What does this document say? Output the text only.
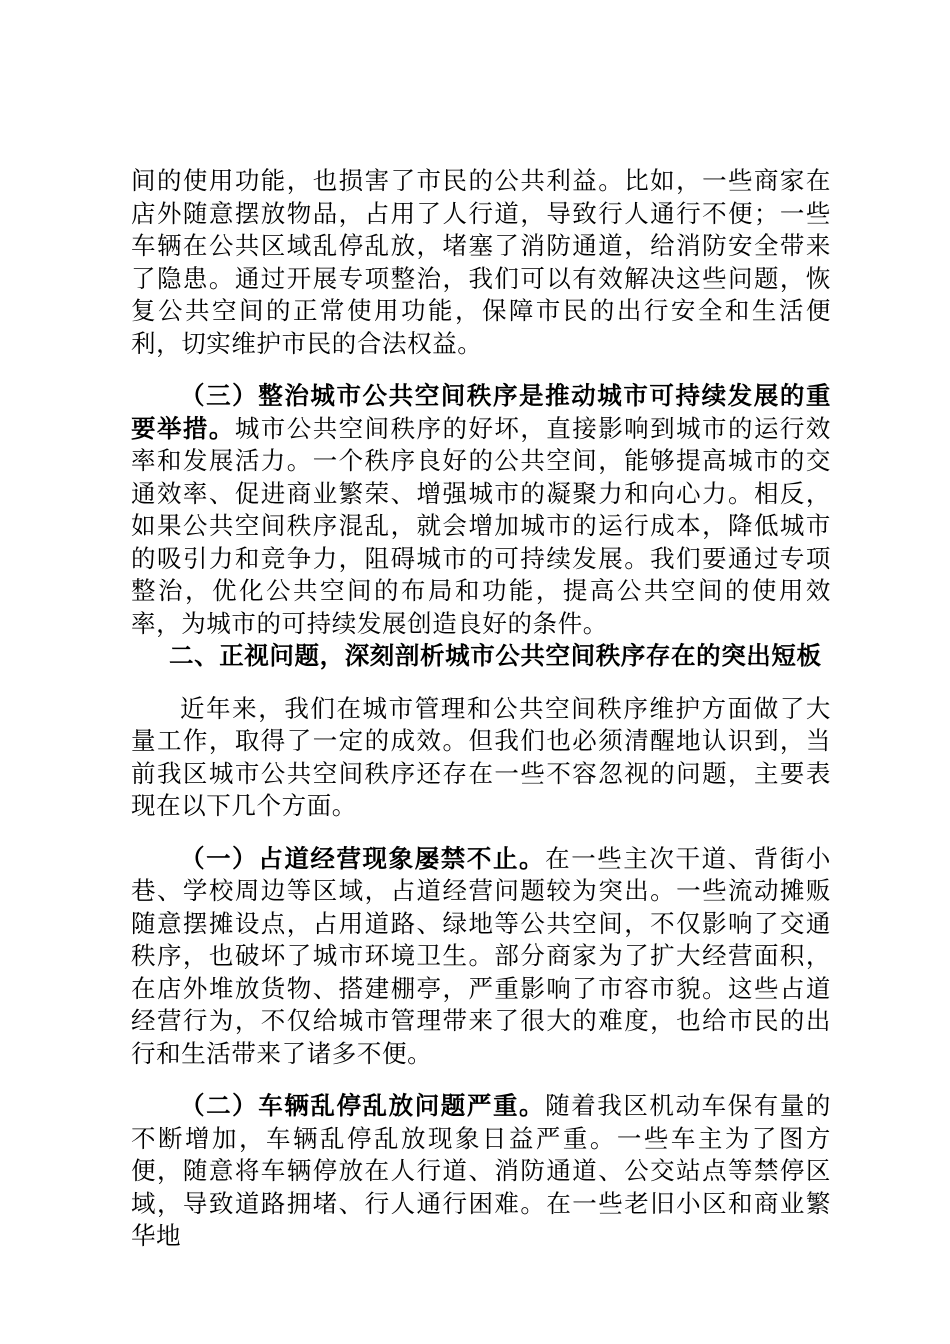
间的使用功能，也损害了市民的公共利益。比如，一些商家在店外随意摆放物品，占用了人行道，导致行人通行不便；一些车辆在公共区域乱停乱放，堵塞了消防通道，给消防安全带来了隐患。通过开展专项整治，我们可以有效解决这些问题，恢复公共空间的正常使用功能，保障市民的出行安全和生活便利，切实维护市民的合法权益。

（三）整治城市公共空间秩序是推动城市可持续发展的重要举措。城市公共空间秩序的好坏，直接影响到城市的运行效率和发展活力。一个秩序良好的公共空间，能够提高城市的交通效率、促进商业繁荣、增强城市的凝聚力和向心力。相反，如果公共空间秩序混乱，就会增加城市的运行成本，降低城市的吸引力和竞争力，阻碍城市的可持续发展。我们要通过专项整治，优化公共空间的布局和功能，提高公共空间的使用效率，为城市的可持续发展创造良好的条件。

二、正视问题，深刻剖析城市公共空间秩序存在的突出短板

近年来，我们在城市管理和公共空间秩序维护方面做了大量工作，取得了一定的成效。但我们也必须清醒地认识到，当前我区城市公共空间秩序还存在一些不容忽视的问题，主要表现在以下几个方面。

（一）占道经营现象屡禁不止。在一些主次干道、背街小巷、学校周边等区域，占道经营问题较为突出。一些流动摊贩随意摆摊设点，占用道路、绿地等公共空间，不仅影响了交通秩序，也破坏了城市环境卫生。部分商家为了扩大经营面积，在店外堆放货物、搭建棚亭，严重影响了市容市貌。这些占道经营行为，不仅给城市管理带来了很大的难度，也给市民的出行和生活带来了诸多不便。

（二）车辆乱停乱放问题严重。随着我区机动车保有量的不断增加，车辆乱停乱放现象日益严重。一些车主为了图方便，随意将车辆停放在人行道、消防通道、公交站点等禁停区域，导致道路拥堵、行人通行困难。在一些老旧小区和商业繁华地
